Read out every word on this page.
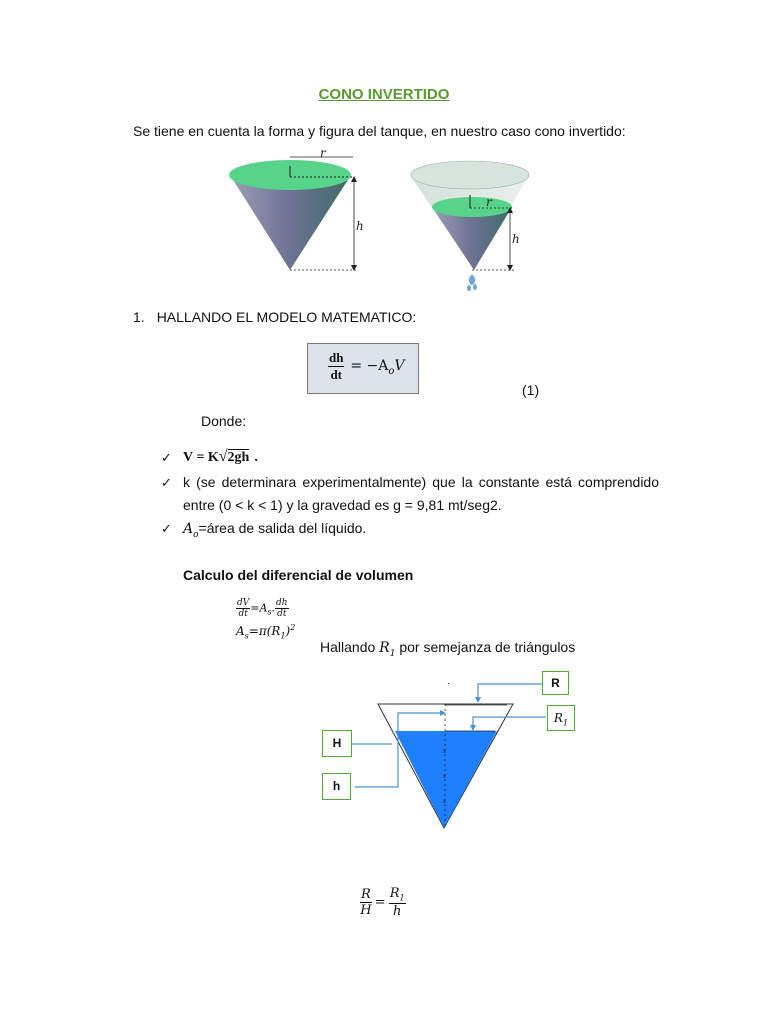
CONO INVERTIDO
Se tiene en cuenta la forma y figura del tanque, en nuestro caso cono invertido:
r
h
r
h
1. HALLANDO EL MODELO MATEMATICO:
$\frac{dh}{dt} = -A_oV$
(1)
Donde:
✓ V = K√2gh .
✓ k (se determinara experimentalmente) que la constante está comprendido
entre (0 < k < 1) y la gravedad es g = 9,81 mt/seg2.
✓ $A_o=área$ de salida del líquido.
Calculo del diferencial de volumen
$\frac{dV}{dt} =A_s$. $\frac{dh}{dt}$
$A_s=\pi(R_1)^2$
Hallando $R_1$ por semejanza de triángulos
.
x
x
x
R
$R_1$
H
h
$\frac{R}{H} = \frac{R_1}{h}$
